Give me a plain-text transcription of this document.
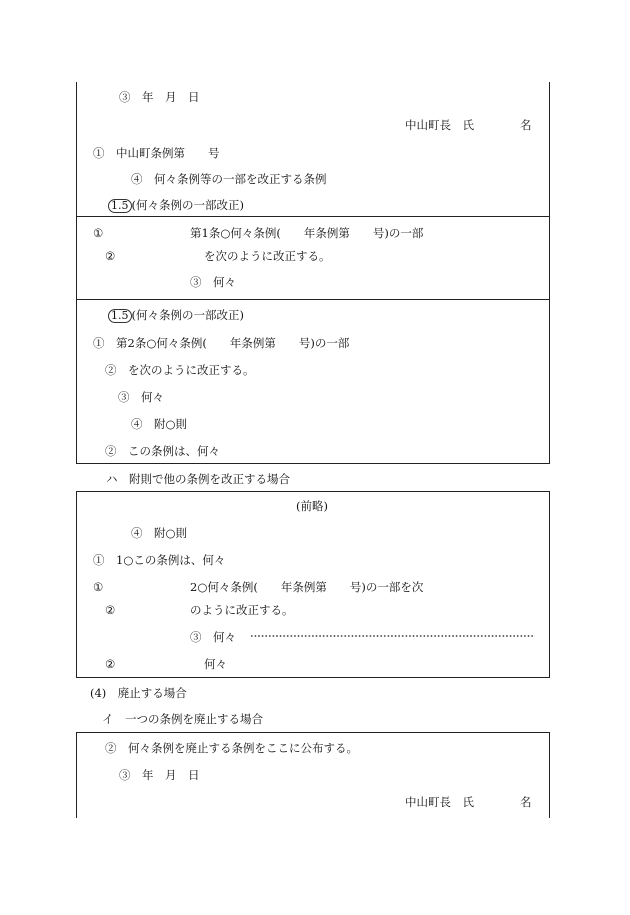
③　年　月　日
中山町長　氏	名
①　中山町条例第　　号
④　何々条例等の一部を改正する条例
1.5 (何々条例の一部改正)
①	第1条○何々条例(　　年条例第　　号)の一部
②	を次のように改正する。
③　何々
1.5 (何々条例の一部改正)
①　第2条○何々条例(　　年条例第　　号)の一部
②　を次のように改正する。
③　何々
④　附○則
②　この条例は、何々
ハ　附則で他の条例を改正する場合
(前略)
④　附○則
①　1○この条例は、何々
①	2○何々条例(　　年条例第　　号)の一部を次
②	のように改正する。
③　何々
②	何々
(4)　廃止する場合
イ　一つの条例を廃止する場合
②　何々条例を廃止する条例をここに公布する。
③　年　月　日
中山町長　氏	名
